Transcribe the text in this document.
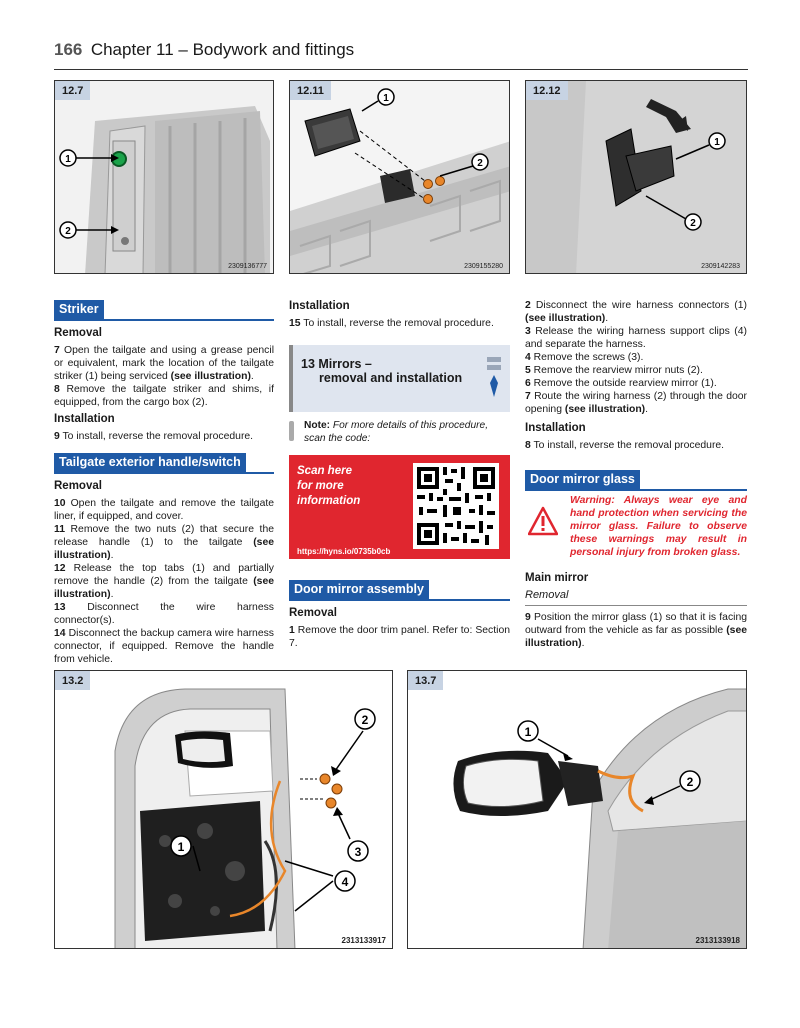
166 Chapter 11 – Bodywork and fittings
12.7
1
2
2309136777
12.11
1
2
2309155280
12.12
1
2
2309142283
Striker
Removal

7 Open the tailgate and using a grease pencil or equivalent, mark the location of the tailgate striker (1) being serviced (see illustration).

8 Remove the tailgate striker and shims, if equipped, from the cargo box (2).

Installation

9 To install, reverse the removal procedure.

Tailgate exterior handle/switch
Removal

10 Open the tailgate and remove the tailgate liner, if equipped, and cover.

11 Remove the two nuts (2) that secure the release handle (1) to the tailgate (see illustration).

12 Release the top tabs (1) and partially remove the handle (2) from the tailgate (see illustration).

13 Disconnect the wire harness connector(s).

14 Disconnect the backup camera wire harness connector, if equipped. Remove the handle from vehicle.

Installation

15 To install, reverse the removal procedure.

13 Mirrors –
removal and installation
Note: For more details of this procedure, scan the code:
Scan here
for more
information
https://hyns.io/0735b0cb
Door mirror assembly
Removal

1 Remove the door trim panel. Refer to: Section 7.

2 Disconnect the wire harness connectors (1) (see illustration).

3 Release the wiring harness support clips (4) and separate the harness.

4 Remove the screws (3).

5 Remove the rearview mirror nuts (2).

6 Remove the outside rearview mirror (1).

7 Route the wiring harness (2) through the door opening (see illustration).

Installation

8 To install, reverse the removal procedure.

Door mirror glass
Warning: Always wear eye and hand protection when servicing the mirror glass. Failure to observe these warnings may result in personal injury from broken glass.
Main mirror
Removal

9 Position the mirror glass (1) so that it is facing outward from the vehicle as far as possible (see illustration).

13.2
2
1	3
4
2313133917
13.7
1
2
2313133918
